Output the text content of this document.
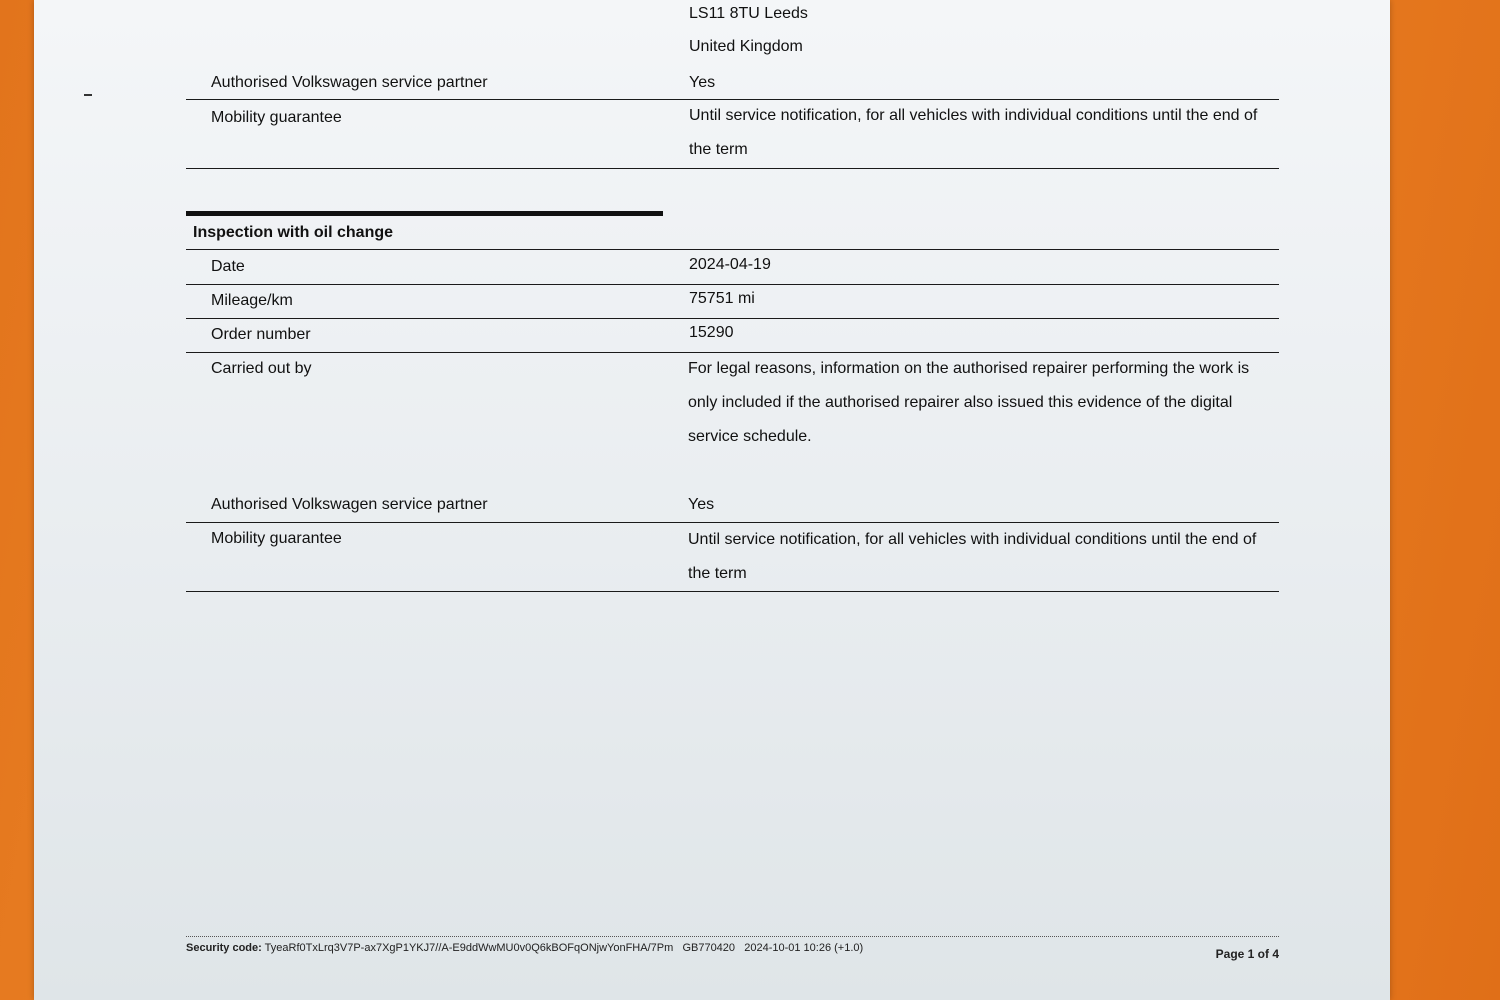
LS11 8TU Leeds
United Kingdom
Authorised Volkswagen service partner	Yes
Mobility guarantee	Until service notification, for all vehicles with individual conditions until the end of the term
Inspection with oil change
Date	2024-04-19
Mileage/km	75751 mi
Order number	15290
Carried out by	For legal reasons, information on the authorised repairer performing the work is only included if the authorised repairer also issued this evidence of the digital service schedule.
Authorised Volkswagen service partner	Yes
Mobility guarantee	Until service notification, for all vehicles with individual conditions until the end of the term
Security code: TyeaRf0TxLrq3V7P-ax7XgP1YKJ7//A-E9ddWwMU0v0Q6kBOFqONjwYonFHA/7Pm GB770420 2024-10-01 10:26 (+1.0)	Page 1 of 4
